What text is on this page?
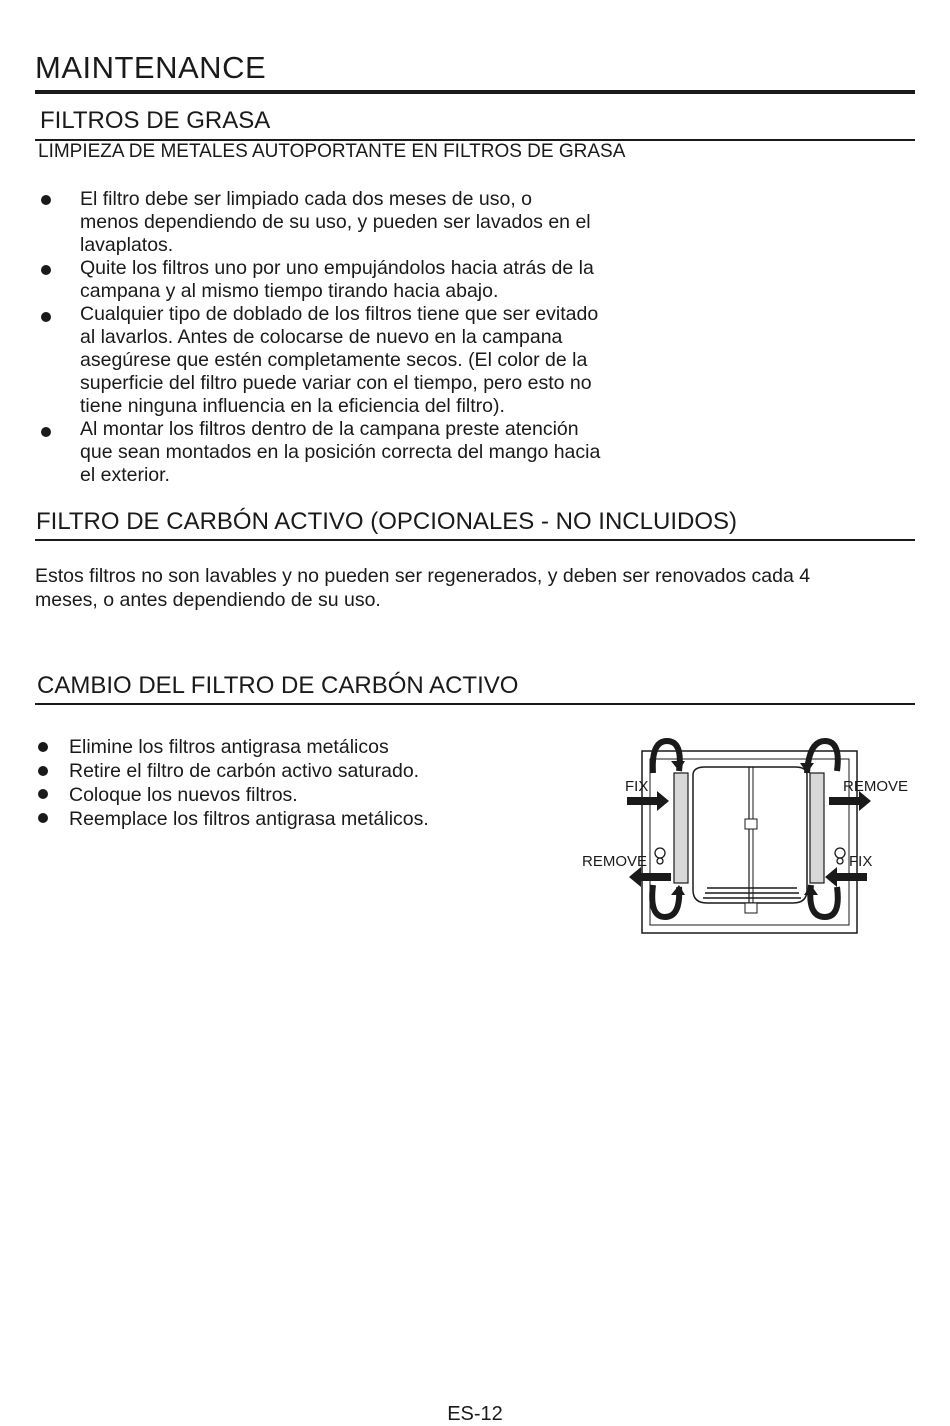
MAINTENANCE
FILTROS DE GRASA
LIMPIEZA DE METALES AUTOPORTANTE EN FILTROS DE GRASA
El filtro debe ser limpiado cada dos meses de uso, o
menos dependiendo de su uso, y pueden ser lavados en el
lavaplatos.
Quite los filtros uno por uno empujándolos hacia atrás de la
campana y al mismo tiempo tirando hacia abajo.
Cualquier tipo de doblado de los filtros tiene que ser evitado
al lavarlos. Antes de colocarse de nuevo en la campana
asegúrese que estén completamente secos. (El color de la
superficie del filtro puede variar con el tiempo, pero esto no
tiene ninguna influencia en la eficiencia del filtro).
Al montar los filtros dentro de la campana preste atención
que sean montados en la posición correcta del mango hacia
el exterior.
FILTRO DE CARBÓN ACTIVO (OPCIONALES - NO INCLUIDOS)
Estos filtros no son lavables y no pueden ser regenerados, y deben ser renovados cada 4
meses, o antes dependiendo de su uso.
CAMBIO DEL FILTRO DE CARBÓN ACTIVO
Elimine los filtros antigrasa metálicos
Retire el filtro de carbón activo saturado.
Coloque los nuevos filtros.
Reemplace los filtros antigrasa metálicos.
FIX	REMOVE
REMOVE	FIX
ES-12
